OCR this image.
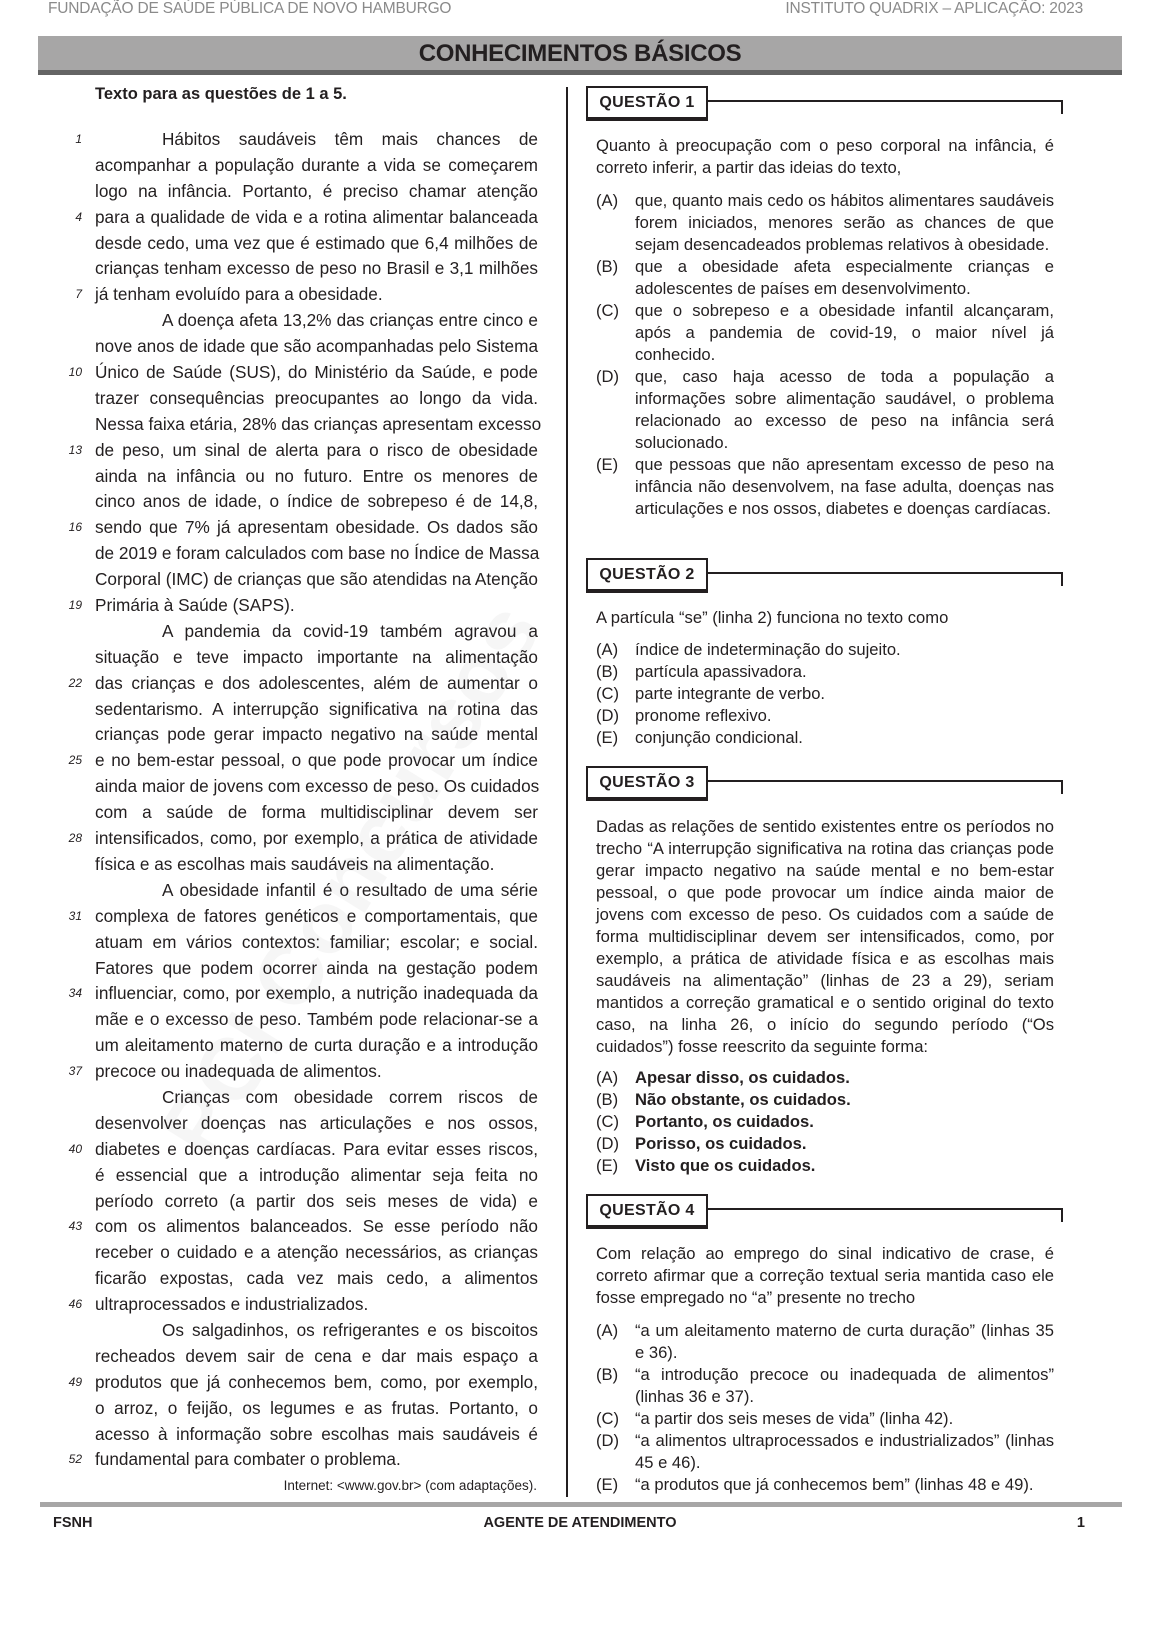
FUNDAÇÃO DE SAÚDE PÚBLICA DE NOVO HAMBURGO	INSTITUTO QUADRIX – APLICAÇÃO: 2023
CONHECIMENTOS BÁSICOS
Texto para as questões de 1 a 5.
1	Hábitos saudáveis têm mais chances de
acompanhar a população durante a vida se começarem
logo na infância. Portanto, é preciso chamar atenção
4 para a qualidade de vida e a rotina alimentar balanceada
desde cedo, uma vez que é estimado que 6,4 milhões de
crianças tenham excesso de peso no Brasil e 3,1 milhões
7 já tenham evoluído para a obesidade.
A doença afeta 13,2% das crianças entre cinco e
nove anos de idade que são acompanhadas pelo Sistema
10 Único de Saúde (SUS), do Ministério da Saúde, e pode
trazer consequências preocupantes ao longo da vida.
Nessa faixa etária, 28% das crianças apresentam excesso
13 de peso, um sinal de alerta para o risco de obesidade
ainda na infância ou no futuro. Entre os menores de
cinco anos de idade, o índice de sobrepeso é de 14,8,
16 sendo que 7% já apresentam obesidade. Os dados são
de 2019 e foram calculados com base no Índice de Massa
Corporal (IMC) de crianças que são atendidas na Atenção
19 Primária à Saúde (SAPS).
A pandemia da covid-19 também agravou a
situação e teve impacto importante na alimentação
22 das crianças e dos adolescentes, além de aumentar o
sedentarismo. A interrupção significativa na rotina das
crianças pode gerar impacto negativo na saúde mental
25 e no bem-estar pessoal, o que pode provocar um índice
ainda maior de jovens com excesso de peso. Os cuidados
com a saúde de forma multidisciplinar devem ser
28 intensificados, como, por exemplo, a prática de atividade
física e as escolhas mais saudáveis na alimentação.
A obesidade infantil é o resultado de uma série
31 complexa de fatores genéticos e comportamentais, que
atuam em vários contextos: familiar; escolar; e social.
Fatores que podem ocorrer ainda na gestação podem
34 influenciar, como, por exemplo, a nutrição inadequada da
mãe e o excesso de peso. Também pode relacionar-se a
um aleitamento materno de curta duração e a introdução
37 precoce ou inadequada de alimentos.
Crianças com obesidade correm riscos de
desenvolver doenças nas articulações e nos ossos,
40 diabetes e doenças cardíacas. Para evitar esses riscos,
é essencial que a introdução alimentar seja feita no
período correto (a partir dos seis meses de vida) e
43 com os alimentos balanceados. Se esse período não
receber o cuidado e a atenção necessários, as crianças
ficarão expostas, cada vez mais cedo, a alimentos
46 ultraprocessados e industrializados.
Os salgadinhos, os refrigerantes e os biscoitos
recheados devem sair de cena e dar mais espaço a
49 produtos que já conhecemos bem, como, por exemplo,
o arroz, o feijão, os legumes e as frutas. Portanto, o
acesso à informação sobre escolhas mais saudáveis é
52 fundamental para combater o problema.
Internet: <www.gov.br> (com adaptações).
QUESTÃO 1
Quanto à preocupação com o peso corporal na infância, é correto inferir, a partir das ideias do texto,
(A) que, quanto mais cedo os hábitos alimentares saudáveis forem iniciados, menores serão as chances de que sejam desencadeados problemas relativos à obesidade.
(B) que a obesidade afeta especialmente crianças e adolescentes de países em desenvolvimento.
(C) que o sobrepeso e a obesidade infantil alcançaram, após a pandemia de covid-19, o maior nível já conhecido.
(D) que, caso haja acesso de toda a população a informações sobre alimentação saudável, o problema relacionado ao excesso de peso na infância será solucionado.
(E) que pessoas que não apresentam excesso de peso na infância não desenvolvem, na fase adulta, doenças nas articulações e nos ossos, diabetes e doenças cardíacas.
QUESTÃO 2
A partícula “se” (linha 2) funciona no texto como
(A) índice de indeterminação do sujeito.
(B) partícula apassivadora.
(C) parte integrante de verbo.
(D) pronome reflexivo.
(E) conjunção condicional.
QUESTÃO 3
Dadas as relações de sentido existentes entre os períodos no trecho “A interrupção significativa na rotina das crianças pode gerar impacto negativo na saúde mental e no bem-estar pessoal, o que pode provocar um índice ainda maior de jovens com excesso de peso. Os cuidados com a saúde de forma multidisciplinar devem ser intensificados, como, por exemplo, a prática de atividade física e as escolhas mais saudáveis na alimentação” (linhas de 23 a 29), seriam mantidos a correção gramatical e o sentido original do texto caso, na linha 26, o início do segundo período (“Os cuidados”) fosse reescrito da seguinte forma:
(A) Apesar disso, os cuidados.
(B) Não obstante, os cuidados.
(C) Portanto, os cuidados.
(D) Porisso, os cuidados.
(E) Visto que os cuidados.
QUESTÃO 4
Com relação ao emprego do sinal indicativo de crase, é correto afirmar que a correção textual seria mantida caso ele fosse empregado no “a” presente no trecho
(A) “a um aleitamento materno de curta duração” (linhas 35 e 36).
(B) “a introdução precoce ou inadequada de alimentos” (linhas 36 e 37).
(C) “a partir dos seis meses de vida” (linha 42).
(D) “a alimentos ultraprocessados e industrializados” (linhas 45 e 46).
(E) “a produtos que já conhecemos bem” (linhas 48 e 49).
FSNH	AGENTE DE ATENDIMENTO	1
